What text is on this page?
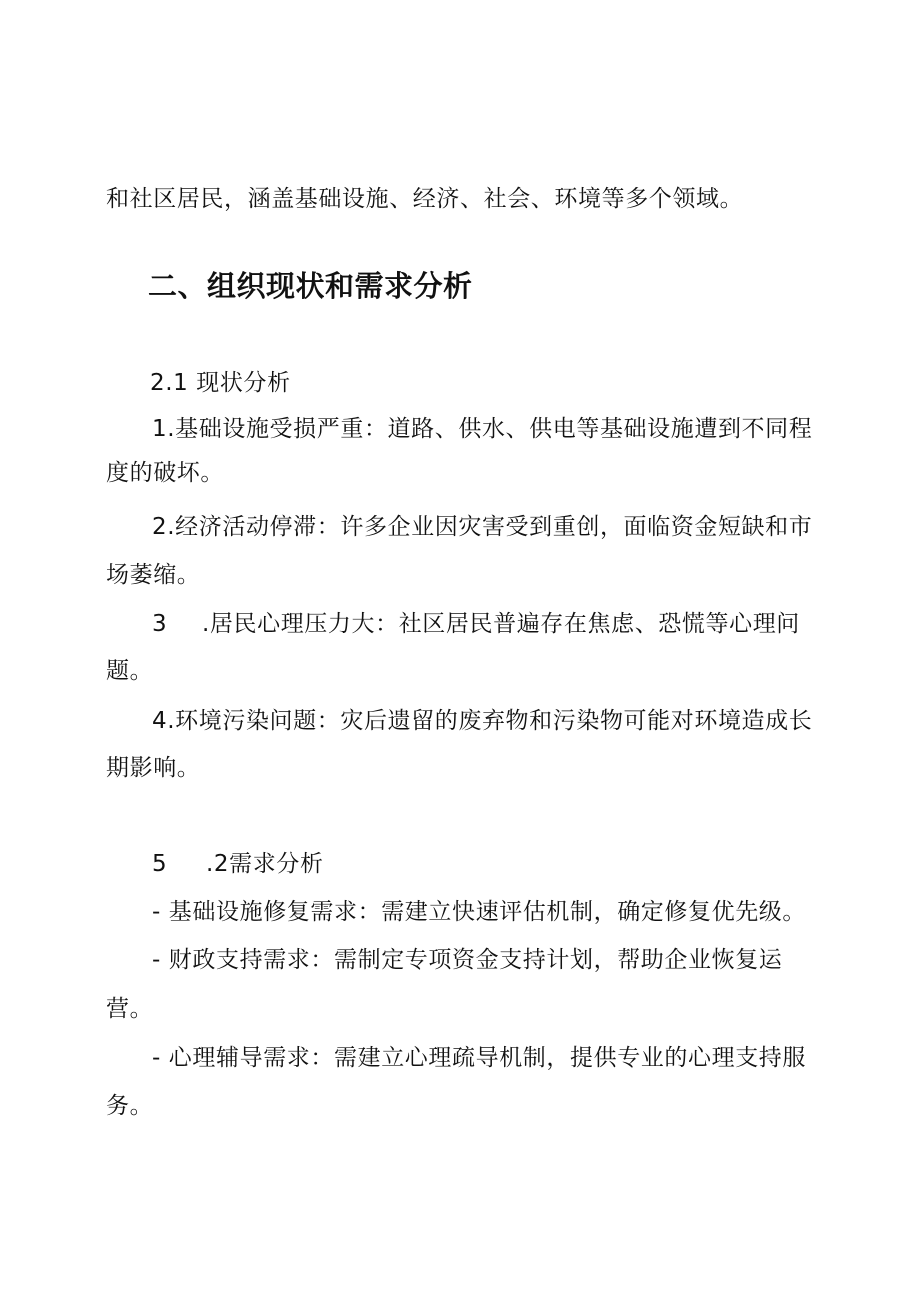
和社区居民，涵盖基础设施、经济、社会、环境等多个领域。
二、组织现状和需求分析
2.1 现状分析
1.基础设施受损严重：道路、供水、供电等基础设施遭到不同程
度的破坏。
2.经济活动停滞：许多企业因灾害受到重创，面临资金短缺和市
场萎缩。
3 .居民心理压力大：社区居民普遍存在焦虑、恐慌等心理问
题。
4.环境污染问题：灾后遗留的废弃物和污染物可能对环境造成长
期影响。
5 .2需求分析
- 基础设施修复需求：需建立快速评估机制，确定修复优先级。
- 财政支持需求：需制定专项资金支持计划，帮助企业恢复运
营。
- 心理辅导需求：需建立心理疏导机制，提供专业的心理支持服
务。
